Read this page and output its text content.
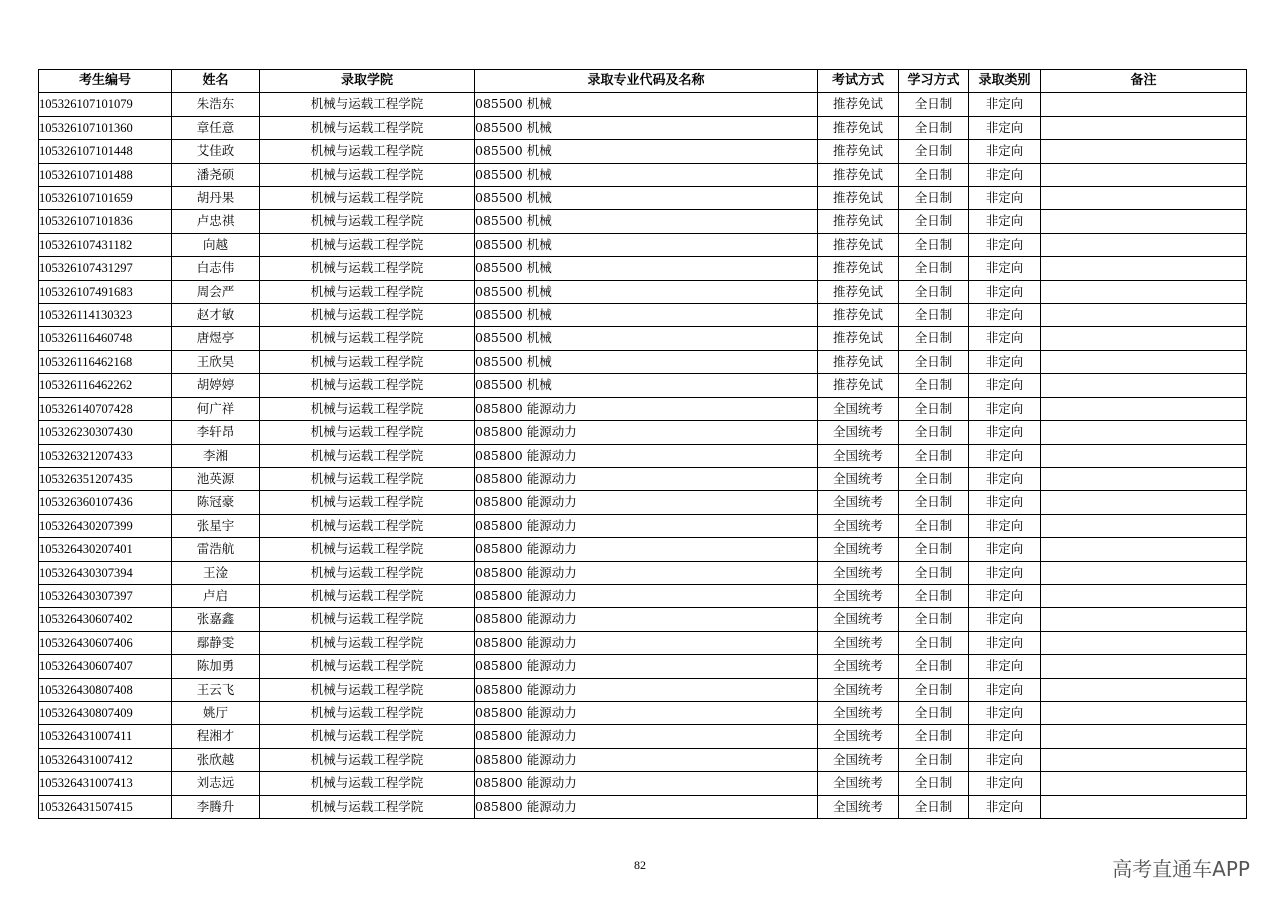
考生编号	姓名	录取学院	录取专业代码及名称	考试方式	学习方式	录取类别	备注
105326107101079	朱浩东	机械与运载工程学院	085500 机械	推荐免试	全日制	非定向	
105326107101360	章任意	机械与运载工程学院	085500 机械	推荐免试	全日制	非定向	
105326107101448	艾佳政	机械与运载工程学院	085500 机械	推荐免试	全日制	非定向	
105326107101488	潘尧硕	机械与运载工程学院	085500 机械	推荐免试	全日制	非定向	
105326107101659	胡丹果	机械与运载工程学院	085500 机械	推荐免试	全日制	非定向	
105326107101836	卢忠祺	机械与运载工程学院	085500 机械	推荐免试	全日制	非定向	
105326107431182	向越	机械与运载工程学院	085500 机械	推荐免试	全日制	非定向	
105326107431297	白志伟	机械与运载工程学院	085500 机械	推荐免试	全日制	非定向	
105326107491683	周会严	机械与运载工程学院	085500 机械	推荐免试	全日制	非定向	
105326114130323	赵才敏	机械与运载工程学院	085500 机械	推荐免试	全日制	非定向	
105326116460748	唐煜亭	机械与运载工程学院	085500 机械	推荐免试	全日制	非定向	
105326116462168	王欣昊	机械与运载工程学院	085500 机械	推荐免试	全日制	非定向	
105326116462262	胡婷婷	机械与运载工程学院	085500 机械	推荐免试	全日制	非定向	
105326140707428	何广祥	机械与运载工程学院	085800 能源动力	全国统考	全日制	非定向	
105326230307430	李轩昂	机械与运载工程学院	085800 能源动力	全国统考	全日制	非定向	
105326321207433	李湘	机械与运载工程学院	085800 能源动力	全国统考	全日制	非定向	
105326351207435	池英源	机械与运载工程学院	085800 能源动力	全国统考	全日制	非定向	
105326360107436	陈冠豪	机械与运载工程学院	085800 能源动力	全国统考	全日制	非定向	
105326430207399	张星宇	机械与运载工程学院	085800 能源动力	全国统考	全日制	非定向	
105326430207401	雷浩航	机械与运载工程学院	085800 能源动力	全国统考	全日制	非定向	
105326430307394	王淦	机械与运载工程学院	085800 能源动力	全国统考	全日制	非定向	
105326430307397	卢启	机械与运载工程学院	085800 能源动力	全国统考	全日制	非定向	
105326430607402	张嘉鑫	机械与运载工程学院	085800 能源动力	全国统考	全日制	非定向	
105326430607406	鄢静雯	机械与运载工程学院	085800 能源动力	全国统考	全日制	非定向	
105326430607407	陈加勇	机械与运载工程学院	085800 能源动力	全国统考	全日制	非定向	
105326430807408	王云飞	机械与运载工程学院	085800 能源动力	全国统考	全日制	非定向	
105326430807409	姚厅	机械与运载工程学院	085800 能源动力	全国统考	全日制	非定向	
105326431007411	程湘才	机械与运载工程学院	085800 能源动力	全国统考	全日制	非定向	
105326431007412	张欣越	机械与运载工程学院	085800 能源动力	全国统考	全日制	非定向	
105326431007413	刘志远	机械与运载工程学院	085800 能源动力	全国统考	全日制	非定向	
105326431507415	李腾升	机械与运载工程学院	085800 能源动力	全国统考	全日制	非定向	
82	高考直通车APP
